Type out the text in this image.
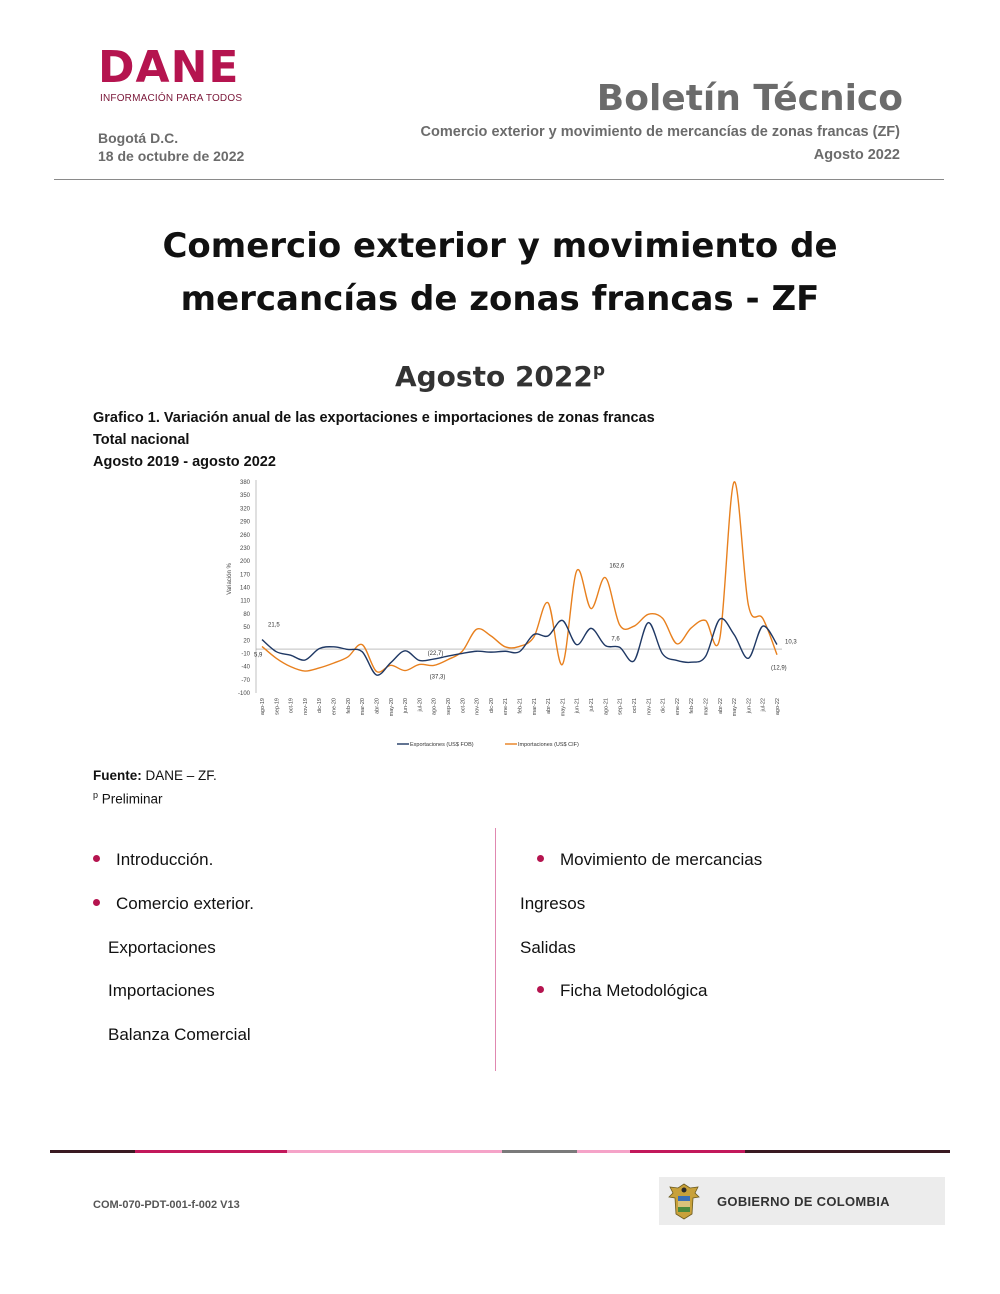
DANE
INFORMACIÓN PARA TODOS
Bogotá D.C.
18 de octubre de 2022
Boletín Técnico
Comercio exterior y movimiento de mercancías de zonas francas (ZF)
Agosto 2022
Comercio exterior y movimiento de
mercancías de zonas francas - ZF
Agosto 2022$^p$
Grafico 1. Variación anual de las exportaciones e importaciones de zonas francas
Total nacional
Agosto 2019 - agosto 2022
380
350
320
290
260
230
200
170
140
110
80
50
20
-10
-40
-70
-100
Variación %
ago-19 sep-19 oct-19 nov-19 dic-19 ene-20 feb-20 mar-20 abr-20 may-20 jun-20 jul-20 ago-20 sep-20 oct-20 nov-20 dic-20 ene-21 feb-21 mar-21 abr-21 may-21 jun-21 jul-21 ago-21 sep-21 oct-21 nov-21 dic-21 ene-22 feb-22 mar-22 abr-22 may-22 jun-22 jul-22 ago-22
21,5
(22,7)
7,6	10,3
5,9
(37,3)
162,6
(12,9)
Exportaciones (US$ FOB)	Importaciones (US$ CIF)
Fuente: DANE – ZF.
$^p$ Preliminar
Introducción.
Comercio exterior.
Exportaciones
Importaciones
Balanza Comercial
Movimiento de mercancias
Ingresos
Salidas
Ficha Metodológica
COM-070-PDT-001-f-002 V13	GOBIERNO DE COLOMBIA
